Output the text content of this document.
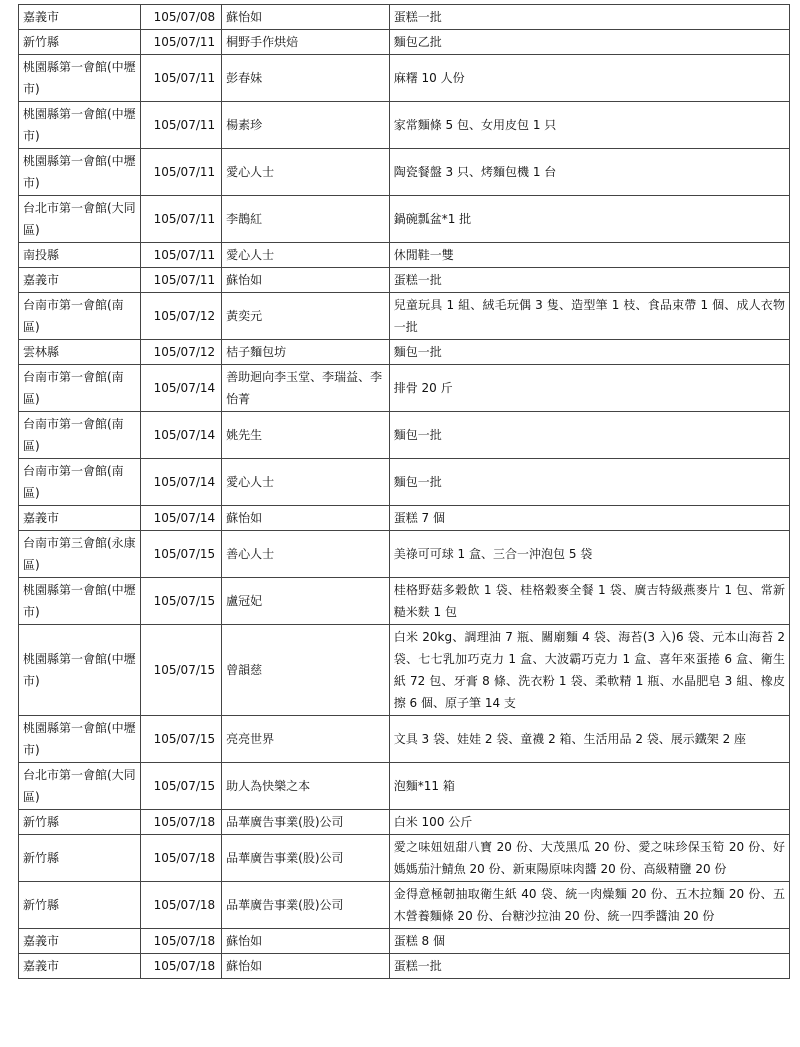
嘉義市	105/07/08	蘇怡如	蛋糕一批
新竹縣	105/07/11	桐野手作烘焙	麵包乙批
桃園縣第一會館(中壢市)	105/07/11	彭春妹	麻糬 10 人份
桃園縣第一會館(中壢市)	105/07/11	楊素珍	家常麵條 5 包、女用皮包 1 只
桃園縣第一會館(中壢市)	105/07/11	愛心人士	陶瓷餐盤 3 只、烤麵包機 1 台
台北市第一會館(大同區)	105/07/11	李鵲紅	鍋碗瓢盆*1 批
南投縣	105/07/11	愛心人士	休閒鞋一雙
嘉義市	105/07/11	蘇怡如	蛋糕一批
台南市第一會館(南區)	105/07/12	黃奕元	兒童玩具 1 組、絨毛玩偶 3 隻、造型筆 1 枝、食品束帶 1 個、成人衣物一批
雲林縣	105/07/12	桔子麵包坊	麵包一批
台南市第一會館(南區)	105/07/14	善助迴向李玉堂、李瑞益、李怡菁	排骨 20 斤
台南市第一會館(南區)	105/07/14	姚先生	麵包一批
台南市第一會館(南區)	105/07/14	愛心人士	麵包一批
嘉義市	105/07/14	蘇怡如	蛋糕 7 個
台南市第三會館(永康區)	105/07/15	善心人士	美祿可可球 1 盒、三合一沖泡包 5 袋
桃園縣第一會館(中壢市)	105/07/15	盧冠妃	桂格野菇多穀飲 1 袋、桂格穀麥全餐 1 袋、廣吉特級燕麥片 1 包、常新糙米麩 1 包
桃園縣第一會館(中壢市)	105/07/15	曾韻慈	白米 20kg、調理油 7 瓶、關廟麵 4 袋、海苔(3 入)6 袋、元本山海苔 2 袋、七七乳加巧克力 1 盒、大波霸巧克力 1 盒、喜年來蛋捲 6 盒、衛生紙 72 包、牙膏 8 條、洗衣粉 1 袋、柔軟精 1 瓶、水晶肥皂 3 組、橡皮擦 6 個、原子筆 14 支
桃園縣第一會館(中壢市)	105/07/15	亮亮世界	文具 3 袋、娃娃 2 袋、童襪 2 箱、生活用品 2 袋、展示鐵架 2 座
台北市第一會館(大同區)	105/07/15	助人為快樂之本	泡麵*11 箱
新竹縣	105/07/18	品華廣告事業(股)公司	白米 100 公斤
新竹縣	105/07/18	品華廣告事業(股)公司	愛之味妞妞甜八寶 20 份、大茂黑瓜 20 份、愛之味珍保玉筍 20 份、好媽媽茄汁鯖魚 20 份、新東陽原味肉醬 20 份、高級精鹽 20 份
新竹縣	105/07/18	品華廣告事業(股)公司	金得意極韌抽取衛生紙 40 袋、統一肉燥麵 20 份、五木拉麵 20 份、五木營養麵條 20 份、台糖沙拉油 20 份、統一四季醬油 20 份
嘉義市	105/07/18	蘇怡如	蛋糕 8 個
嘉義市	105/07/18	蘇怡如	蛋糕一批
